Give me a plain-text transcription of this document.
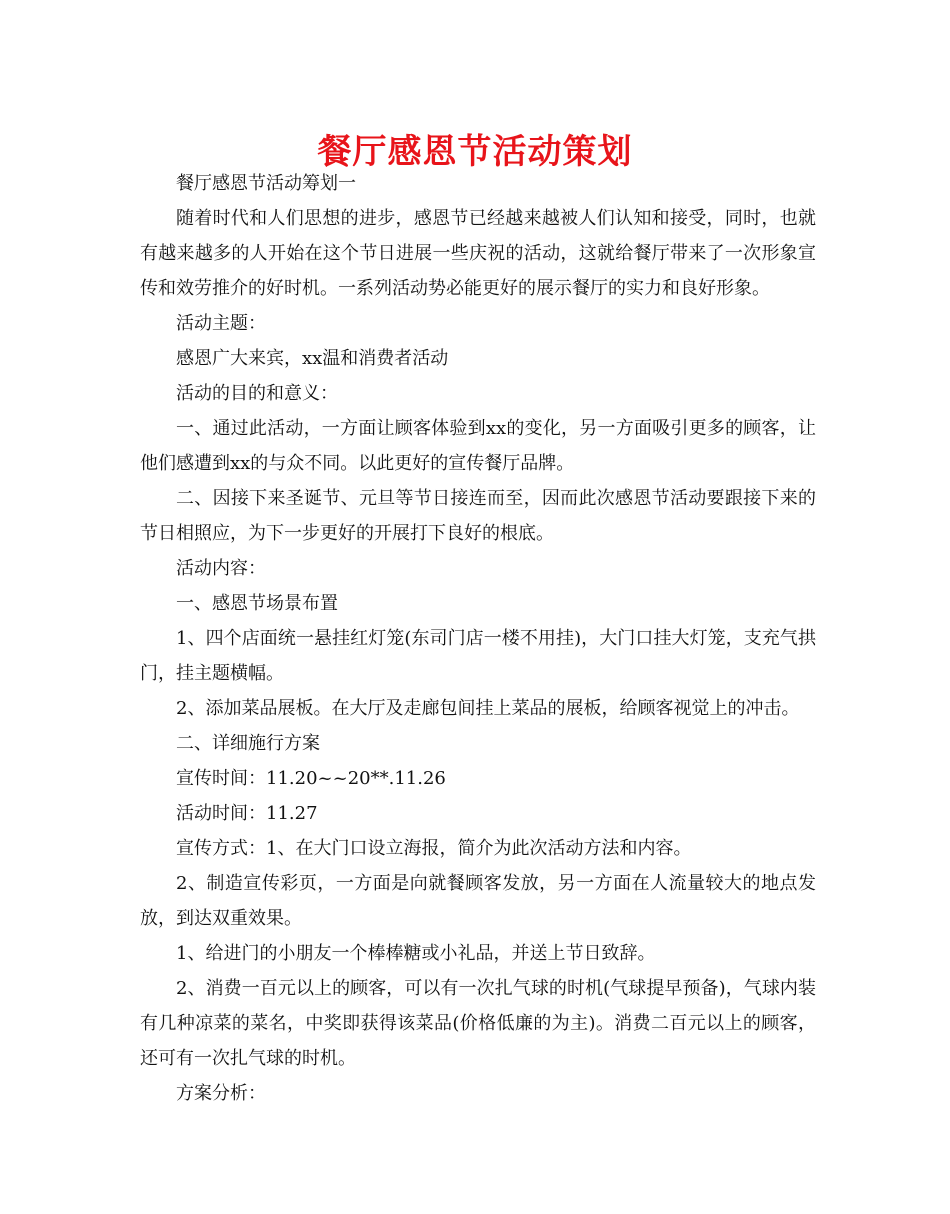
餐厅感恩节活动策划

餐厅感恩节活动筹划一

随着时代和人们思想的进步，感恩节已经越来越被人们认知和接受，同时，也就有越来越多的人开始在这个节日进展一些庆祝的活动，这就给餐厅带来了一次形象宣传和效劳推介的好时机。一系列活动势必能更好的展示餐厅的实力和良好形象。

活动主题：

感恩广大来宾，xx温和消费者活动

活动的目的和意义：

一、通过此活动，一方面让顾客体验到xx的变化，另一方面吸引更多的顾客，让他们感遭到xx的与众不同。以此更好的宣传餐厅品牌。

二、因接下来圣诞节、元旦等节日接连而至，因而此次感恩节活动要跟接下来的节日相照应，为下一步更好的开展打下良好的根底。

活动内容：

一、感恩节场景布置

1、四个店面统一悬挂红灯笼(东司门店一楼不用挂)，大门口挂大灯笼，支充气拱门，挂主题横幅。

2、添加菜品展板。在大厅及走廊包间挂上菜品的展板，给顾客视觉上的冲击。

二、详细施行方案

宣传时间：11.20~~20**.11.26

活动时间：11.27

宣传方式：1、在大门口设立海报，简介为此次活动方法和内容。

2、制造宣传彩页，一方面是向就餐顾客发放，另一方面在人流量较大的地点发放，到达双重效果。

1、给进门的小朋友一个棒棒糖或小礼品，并送上节日致辞。

2、消费一百元以上的顾客，可以有一次扎气球的时机(气球提早预备)，气球内装有几种凉菜的菜名，中奖即获得该菜品(价格低廉的为主)。消费二百元以上的顾客，还可有一次扎气球的时机。

方案分析：
